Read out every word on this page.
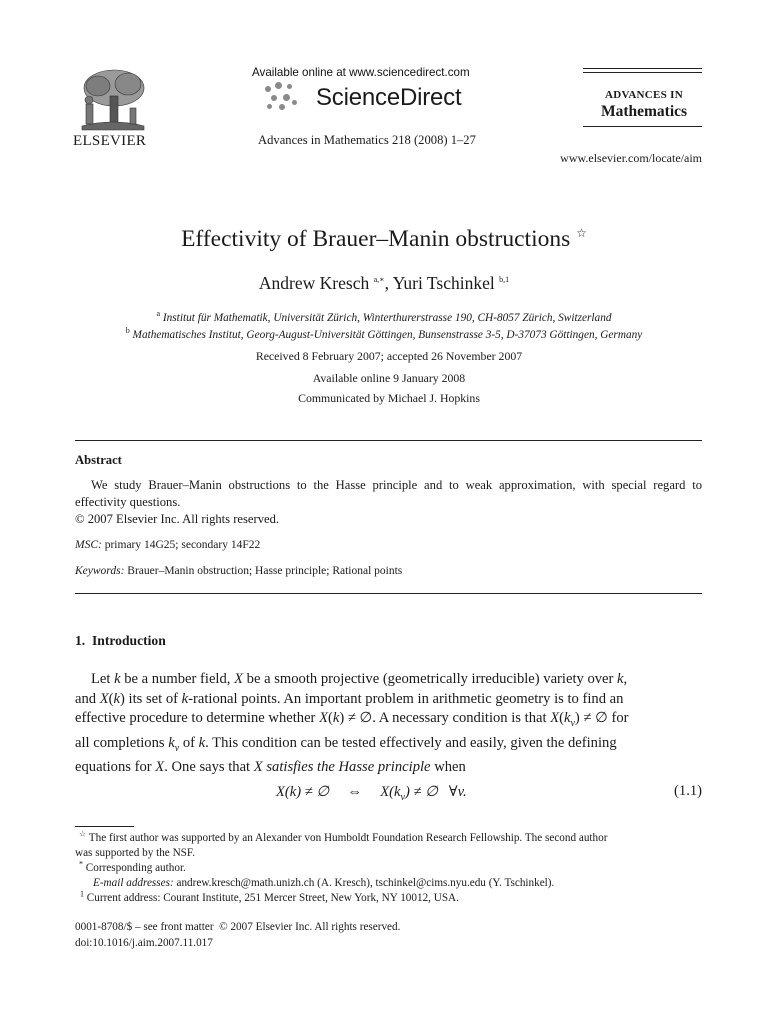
ELSEVIER
Available online at www.sciencedirect.com
ScienceDirect
Advances in Mathematics 218 (2008) 1–27
ADVANCES IN
Mathematics
www.elsevier.com/locate/aim
Effectivity of Brauer–Manin obstructions ☆
Andrew Kresch $^{a,∗}$, Yuri Tschinkel $^{b,1}$
$^a$ Institut für Mathematik, Universität Zürich, Winterthurerstrasse 190, CH-8057 Zürich, Switzerland
$^b$ Mathematisches Institut, Georg-August-Universität Göttingen, Bunsenstrasse 3-5, D-37073 Göttingen, Germany
Received 8 February 2007; accepted 26 November 2007
Available online 9 January 2008
Communicated by Michael J. Hopkins
Abstract
We study Brauer–Manin obstructions to the Hasse principle and to weak approximation, with special regard to effectivity questions.
© 2007 Elsevier Inc. All rights reserved.
MSC: primary 14G25; secondary 14F22
Keywords: Brauer–Manin obstruction; Hasse principle; Rational points
1.  Introduction
Let k be a number field, X be a smooth projective (geometrically irreducible) variety over k,
and X(k) its set of k-rational points. An important problem in arithmetic geometry is to find an
effective procedure to determine whether X(k) ≠ ∅. A necessary condition is that $X(k_v)$ ≠ ∅ for
all completions $k_v$ of k. This condition can be tested effectively and easily, given the defining
equations for X. One says that X satisfies the Hasse principle when
X(k) ≠ ∅ ⇔ $X(k_v)$ ≠ ∅   ∀v.	(1.1)
☆ The first author was supported by an Alexander von Humboldt Foundation Research Fellowship. The second author
was supported by the NSF.
* Corresponding author.
E-mail addresses: andrew.kresch@math.unizh.ch (A. Kresch), tschinkel@cims.nyu.edu (Y. Tschinkel).
$^1$ Current address: Courant Institute, 251 Mercer Street, New York, NY 10012, USA.
0001-8708/$ – see front matter  © 2007 Elsevier Inc. All rights reserved.
doi:10.1016/j.aim.2007.11.017
